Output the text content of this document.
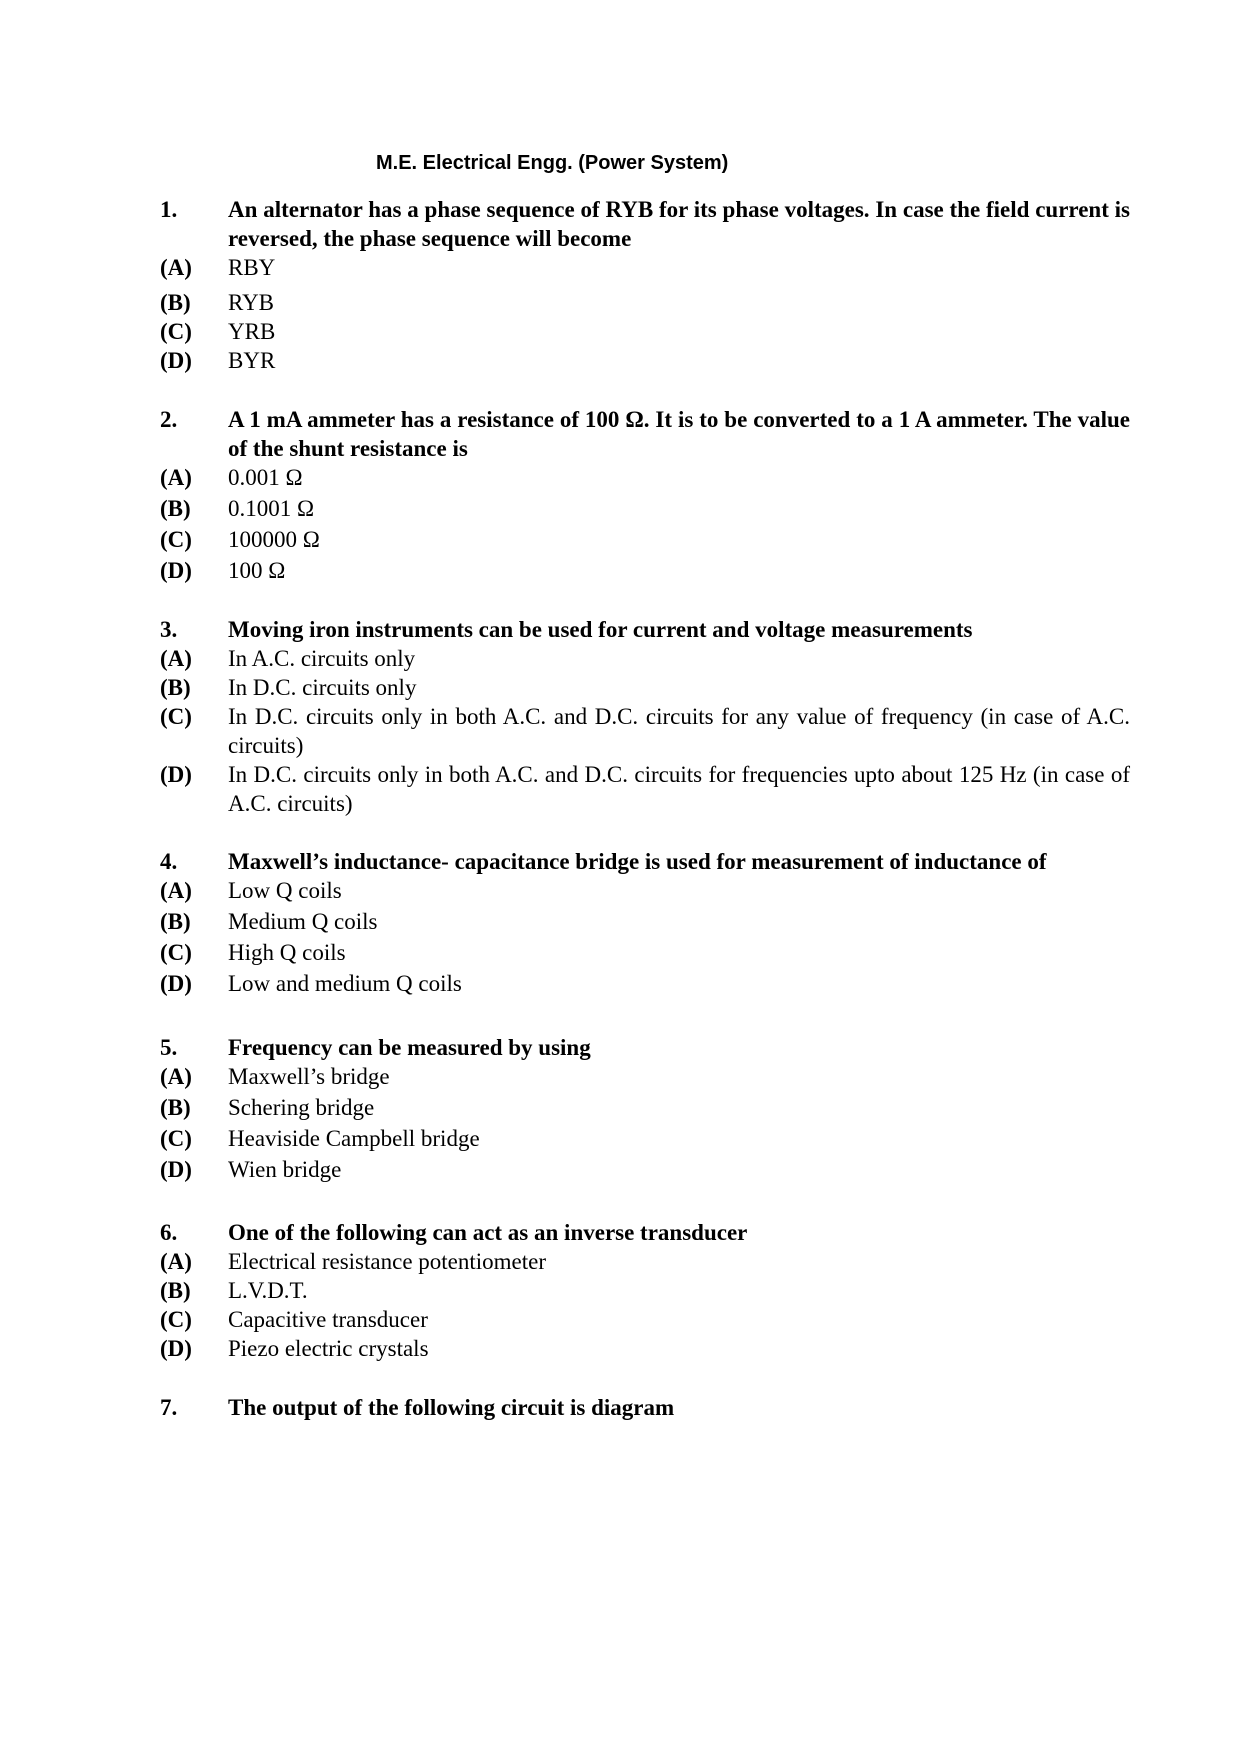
M.E. Electrical Engg. (Power System)
1.	An alternator has a phase sequence of RYB for its phase voltages. In case the field current is reversed, the phase sequence will become
(A)	RBY
(B)	RYB
(C)	YRB
(D)	BYR
2.	A 1 mA ammeter has a resistance of 100 Ω. It is to be converted to a 1 A ammeter. The value of the shunt resistance is
(A)	0.001 Ω
(B)	0.1001 Ω
(C)	100000 Ω
(D)	100 Ω
3.	Moving iron instruments can be used for current and voltage measurements
(A)	In A.C. circuits only
(B)	In D.C. circuits only
(C)	In D.C. circuits only in both A.C. and D.C. circuits for any value of frequency (in case of A.C. circuits)
(D)	In D.C. circuits only in both A.C. and D.C. circuits for frequencies upto about 125 Hz (in case of A.C. circuits)
4.	Maxwell’s inductance- capacitance bridge is used for measurement of inductance of
(A)	Low Q coils
(B)	Medium Q coils
(C)	High Q coils
(D)	Low and medium Q coils
5.	Frequency can be measured by using
(A)	Maxwell’s bridge
(B)	Schering bridge
(C)	Heaviside Campbell bridge
(D)	Wien bridge
6.	One of the following can act as an inverse transducer
(A)	Electrical resistance potentiometer
(B)	L.V.D.T.
(C)	Capacitive transducer
(D)	Piezo electric crystals
7.	The output of the following circuit is diagram
